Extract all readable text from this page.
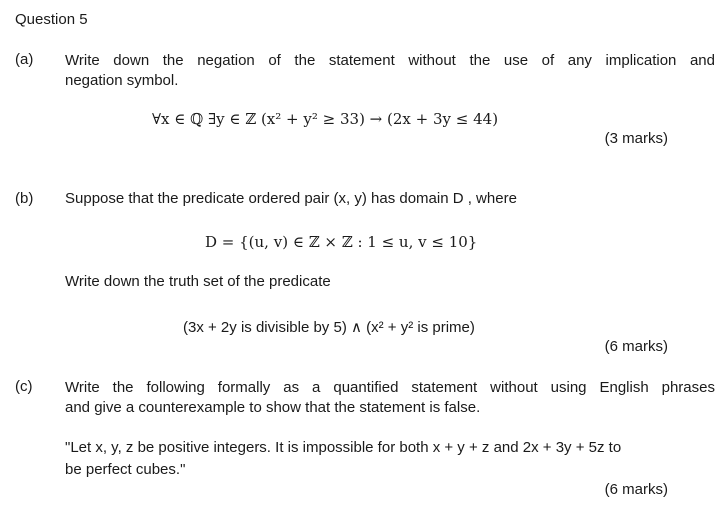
Question 5
(a) Write down the negation of the statement without the use of any implication and
negation symbol.
∀x ∈ ℚ ∃y ∈ ℤ (x² + y² ≥ 33) → (2x + 3y ≤ 44)
(3 marks)
(b) Suppose that the predicate ordered pair (x, y) has domain D , where
D = {(u, v) ∈ ℤ × ℤ : 1 ≤ u, v ≤ 10}
Write down the truth set of the predicate
(3x + 2y is divisible by 5) ∧ (x² + y² is prime)
(6 marks)
(c) Write the following formally as a quantified statement without using English phrases
and give a counterexample to show that the statement is false.
"Let x, y, z be positive integers. It is impossible for both x + y + z and 2x + 3y + 5z to
be perfect cubes."
(6 marks)
